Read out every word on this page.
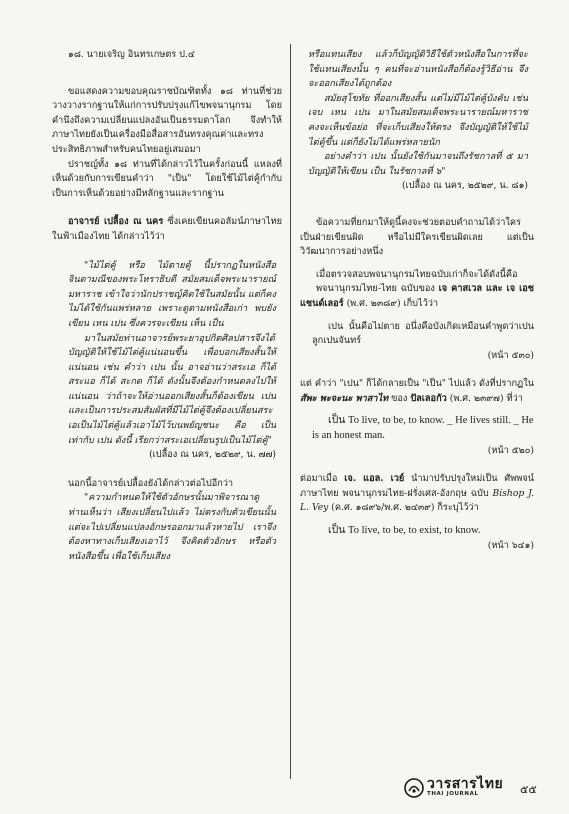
๑๘. นายเจริญ อินทรเกษตร ป.๔

ขอแสดงความขอบคุณราชบัณฑิตทั้ง ๑๘ ท่านที่ช่วยวางวางรากฐานให้แก่การปรับปรุงแก้ไขพจนานุกรม โดยคำนึงถึงความเปลี่ยนแปลงอันเป็นธรรมดาโลก จึงทำให้ภาษาไทยยังเป็นเครื่องมือสื่อสารอันทรงคุณค่าและทรงประสิทธิภาพสำหรับคนไทยอยู่เสมอมา

ปราชญ์ทั้ง ๑๘ ท่านที่ได้กล่าวไว้ในครั้งก่อนนี้ แหลงที่เห็นด้วยกับการเขียนคำว่า "เป็น" โดยใช้ไม้ไต่คู้กำกับ เป็นการเห็นด้วยอย่างมีหลักฐานและรากฐาน

อาจารย์ เปลื้อง ณ นคร ซึ่งเคยเขียนคอลัมน์ภาษาไทย ในฟ้าเมืองไทย ได้กล่าวไว้ว่า

"ไม้ไต่คู้ หรือ ไม้ตายคู้ นี้ปรากฏในหนังสือจินดามณีของพระโหราธิบดี สมัยสมเด็จพระนารายณ์มหาราช เข้าใจว่านักปราชญ์คิดใช้ในสมัยนั้น แต่ก็คงไม่ได้ใช้กันแพร่หลาย เพราะดูตามหนังสือเก่า พบยังเขียน เหน เปน ซึ่งควรจะเขียน เห็น เป็น

มาในสมัยท่านอาจารย์พระยาอุปกิตศิลปสารจึงได้บัญญัติให้ใช้ไม้ไต่คู้แน่นอนขึ้น เพื่อบอกเสียงสั้นให้แน่นอน เช่น คำว่า เปน นั้น อาจอ่านว่าสระเอ ก็ได้ สระแอ ก็ได้ สะกด ก็ได้ ดังนั้นจึงต้องกำหนดลงไปให้แน่นอน ว่าถ้าจะให้อ่านออกเสียงสั้นก็ต้องเขียน เปน และเป็นการประสมสัมผัสที่มีไม้ไต่คู้จึงต้องเปลี่ยนสระเอเป็นไม้ไต่คู้แล้วเอาไม้ไว้บนพยัญชนะ คือ เป็น เท่ากับ เปน ดังนี้ เรียกว่าสระเอเปลี่ยนรูปเป็นไม้ไต่คู้"

(เปลื้อง ณ นคร, ๒๕๒๙, น. ๗๗)

นอกนี้อาจารย์เปลื้องยังได้กล่าวต่อไปอีกว่า

"ความกำหนดให้ใช้ตัวอักษรนั้นมาพิจารณาดูท่านเห็นว่า เสียงเปลี่ยนไปแล้ว ไม่ตรงกับตัวเขียนนั้น แต่จะไปเปลี่ยนแปลงอักษรออกมาแล้วหายไป เราจึงต้องหาทางเก็บเสียงเอาไว้ จึงคิดตัวอักษร หรือตัวหนังสือขึ้น เพื่อใช้เก็บเสียง

หรือแทนเสียง แล้วก็บัญญัติวิธีใช้ตัวหนังสือในการที่จะใช้แทนเสียงนั้น ๆ คนที่จะอ่านหนังสือก็ต้องรู้วิธีอ่าน จึงจะออกเสียงได้ถูกต้อง

สมัยสุโขทัย ที่ออกเสียงสั้น แต่ไม่มีไม้ไต่คู้บังคับ เช่น เจบ เหน เปน มาในสมัยสมเด็จพระนารายณ์มหาราชคงจะเห็นข้อย่อ ที่จะเก็บเสียงให้ตรง จึงบัญญัติให้ใช้ไม้ไต่คู้ขึ้น แต่ก็ยังไม่ได้แพร่หลายนัก

อย่างคำว่า เปน นั้นยังใช้กันมาจนถึงรัชกาลที่ ๕ มาบัญญัติให้เขียน เป็น ในรัชกาลที่ ๖"

(เปลื้อง ณ นคร, ๒๕๒๙, น. ๘๑)

ข้อความที่ยกมาให้ดูนี้คงจะช่วยตอบคำถามได้ว่าใครเป็นฝ่ายเขียนผิด หรือไม่มีใครเขียนผิดเลย แต่เป็นวิวัฒนาการอย่างหนึ่ง

เมื่อตรวจสอบพจนานุกรมไทยฉบับเก่าก็จะได้ดังนี้คือ

พจนานุกรมไทย-ไทย ฉบับของ เจ คาสเวล และ เจ เอช แชนด์เลอร์ (พ.ศ. ๒๓๘๙) เก็บไว้ว่า

เปน นั้นคือไม่ตาย อนึ่งคือบังเกิดเหมือนคำพูดว่าเปนลูกเปนจันทร์

(หน้า ๕๓๐)

แต่ คำว่า "เปน" ก็ได้กลายเป็น "เป็น" ไปแล้ว ดังที่ปรากฏใน สัพะ พะจะนะ พาสาไท ของ ปัลเลอกัว (พ.ศ. ๒๓๙๗) ที่ว่า

เป็น To live, to be, to know. _ He lives still. _ He is an honest man.

(หน้า ๕๒๐)

ต่อมาเมื่อ เจ. แอล. เวย์ นำมาปรับปรุงใหม่เป็น ศัพพจน์ภาษาไทย พจนานุกรมไทย-ฝรั่งเศส-อังกฤษ ฉบับ Bishop J. L. Vey (ค.ศ. ๑๘๙๖/พ.ศ. ๒๔๓๙) ก็ระบุไว้ว่า

เป็น To live, to be, to exist, to know.

(หน้า ๖๔๑)

วารสารไทย
THAI JOURNAL	๕๕
